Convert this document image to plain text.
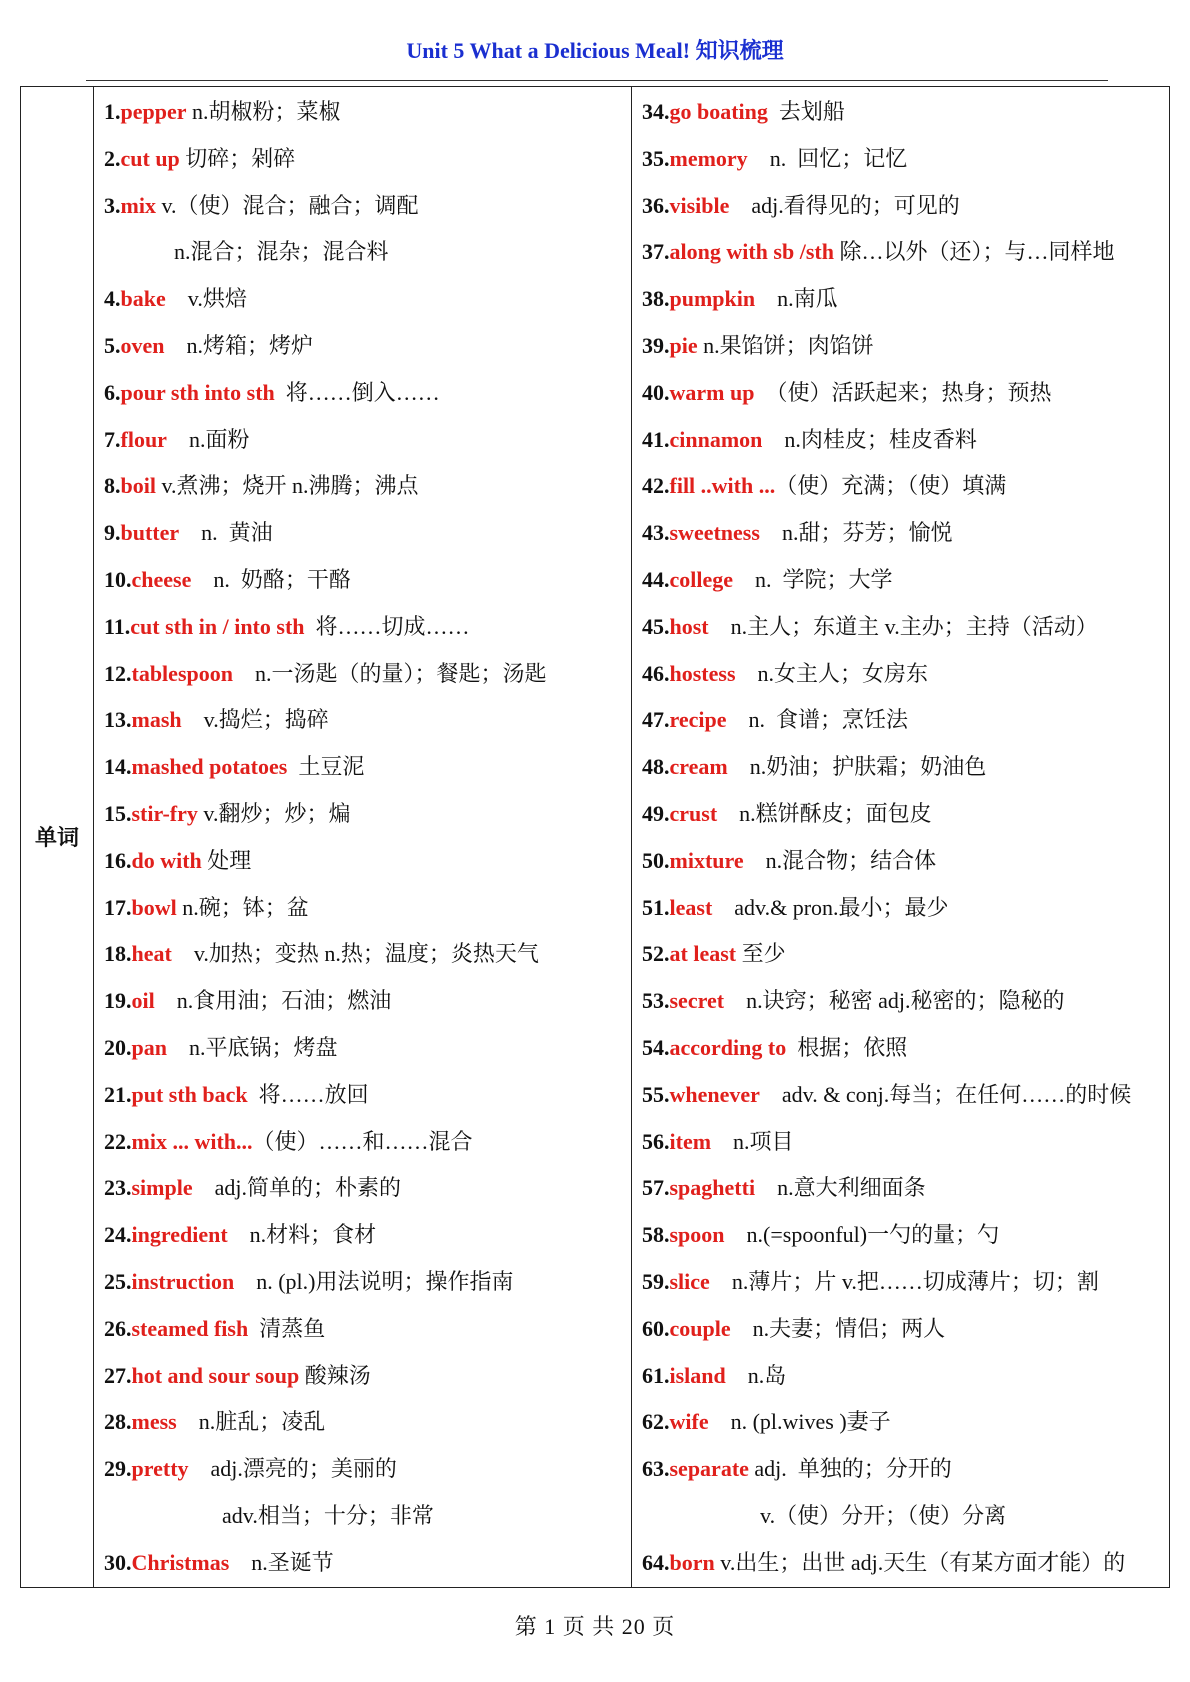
Unit 5 What a Delicious Meal! 知识梳理
单词	
1.pepper n.胡椒粉；菜椒
2.cut up 切碎；剁碎
3.mix v.（使）混合；融合；调配
n.混合；混杂；混合料
4.bake    v.烘焙
5.oven    n.烤箱；烤炉
6.pour sth into sth  将……倒入……
7.flour    n.面粉
8.boil v.煮沸；烧开 n.沸腾；沸点
9.butter    n.  黄油
10.cheese    n.  奶酪；干酪
11.cut sth in / into sth  将……切成……
12.tablespoon    n.一汤匙（的量）；餐匙；汤匙
13.mash    v.捣烂；捣碎
14.mashed potatoes  土豆泥
15.stir-fry v.翻炒；炒；煸
16.do with 处理
17.bowl n.碗；钵；盆
18.heat    v.加热；变热 n.热；温度；炎热天气
19.oil    n.食用油；石油；燃油
20.pan    n.平底锅；烤盘
21.put sth back  将……放回
22.mix ... with...（使）……和……混合
23.simple    adj.简单的；朴素的
24.ingredient    n.材料；食材
25.instruction    n. (pl.)用法说明；操作指南
26.steamed fish  清蒸鱼
27.hot and sour soup 酸辣汤
28.mess    n.脏乱；凌乱
29.pretty    adj.漂亮的；美丽的
adv.相当；十分；非常
30.Christmas    n.圣诞节

34.go boating  去划船
35.memory    n.  回忆；记忆
36.visible    adj.看得见的；可见的
37.along with sb /sth 除…以外（还）；与…同样地
38.pumpkin    n.南瓜
39.pie n.果馅饼；肉馅饼
40.warm up  （使）活跃起来；热身；预热
41.cinnamon    n.肉桂皮；桂皮香料
42.fill ..with ...（使）充满；（使）填满
43.sweetness    n.甜；芬芳；愉悦
44.college    n.  学院；大学
45.host    n.主人；东道主 v.主办；主持（活动）
46.hostess    n.女主人；女房东
47.recipe    n.  食谱；烹饪法
48.cream    n.奶油；护肤霜；奶油色
49.crust    n.糕饼酥皮；面包皮
50.mixture    n.混合物；结合体
51.least    adv.& pron.最小；最少
52.at least 至少
53.secret    n.诀窍；秘密 adj.秘密的；隐秘的
54.according to  根据；依照
55.whenever    adv. & conj.每当；在任何……的时候
56.item    n.项目
57.spaghetti    n.意大利细面条
58.spoon    n.(=spoonful)一勺的量；勺
59.slice    n.薄片；片 v.把……切成薄片；切；割
60.couple    n.夫妻；情侣；两人
61.island    n.岛
62.wife    n. (pl.wives )妻子
63.separate adj.  单独的；分开的
v.（使）分开；（使）分离
64.born v.出生；出世 adj.天生（有某方面才能）的
第 1 页 共 20 页
